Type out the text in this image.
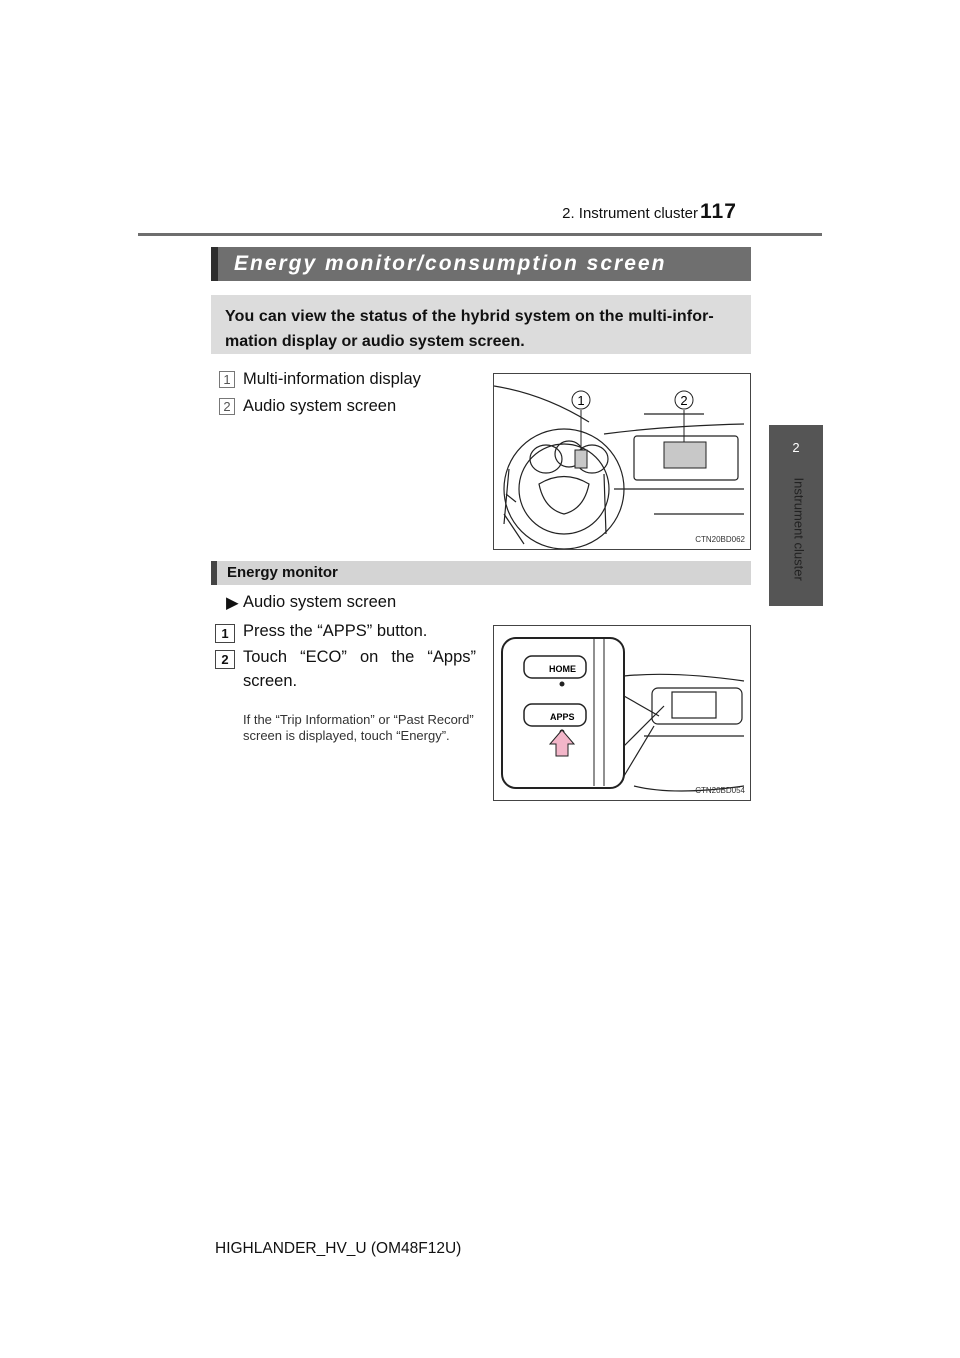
2. Instrument cluster 117
2
Instrument cluster
Energy monitor/consumption screen
You can view the status of the hybrid system on the multi-infor-
mation display or audio system screen.
1 Multi-information display
2 Audio system screen	1	2
CTN20BD062
Energy monitor
▶ Audio system screen
1 Press the “APPS” button.
2 Touch “ECO” on the “Apps”
screen.
If the “Trip Information” or “Past Record” screen is displayed, touch “Energy”.
HOME
APPS
CTN20BD054
HIGHLANDER_HV_U (OM48F12U)
